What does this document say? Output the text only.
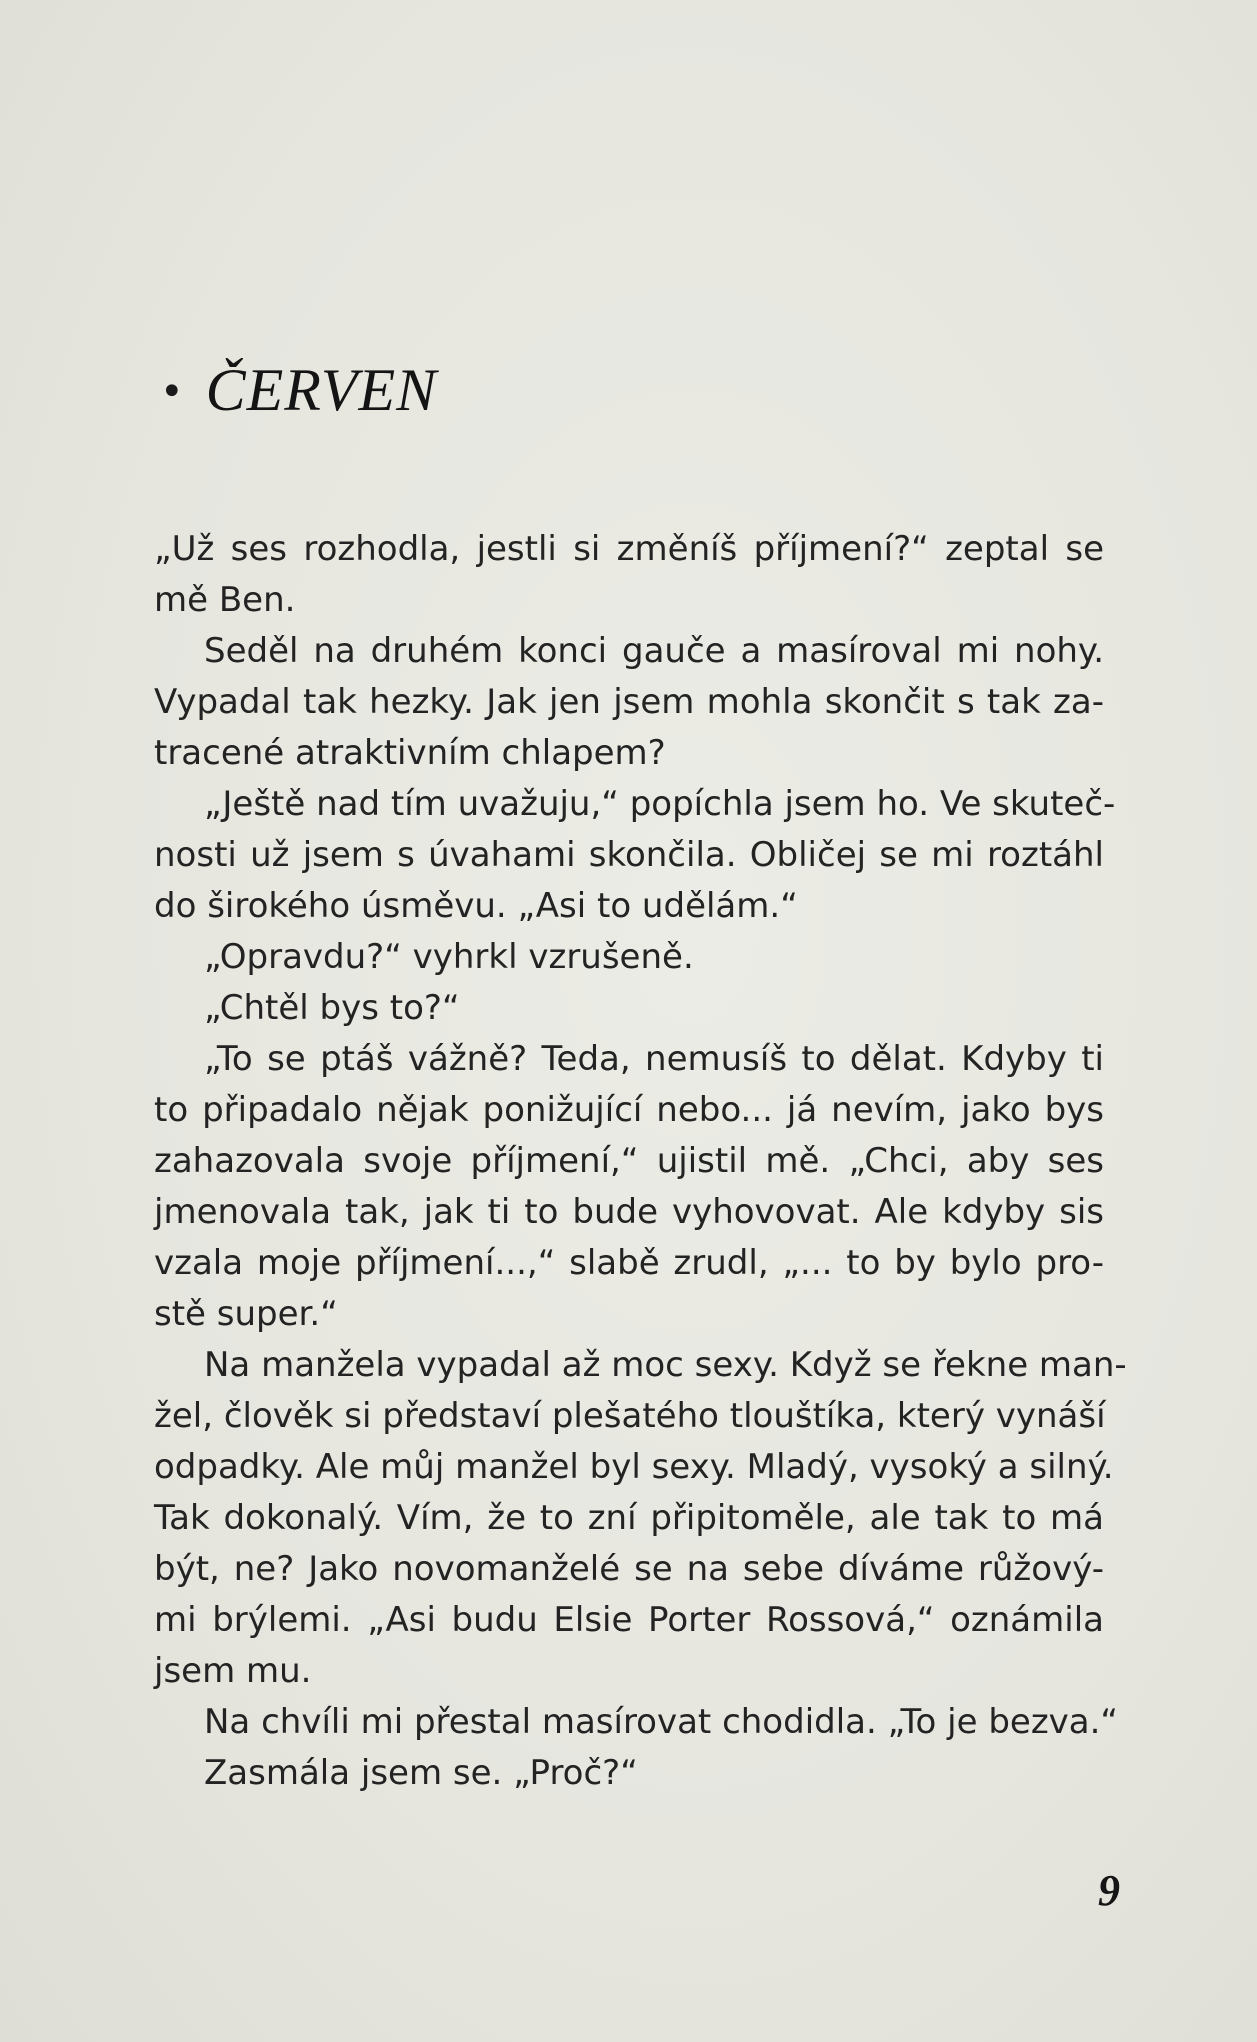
• ČERVEN
„Už ses rozhodla, jestli si změníš příjmení?“ zeptal se
mě Ben.
Seděl na druhém konci gauče a masíroval mi nohy.
Vypadal tak hezky. Jak jen jsem mohla skončit s tak za-
tracené atraktivním chlapem?
„Ještě nad tím uvažuju,“ popíchla jsem ho. Ve skuteč-
nosti už jsem s úvahami skončila. Obličej se mi roztáhl
do širokého úsměvu. „Asi to udělám.“
„Opravdu?“ vyhrkl vzrušeně.
„Chtěl bys to?“
„To se ptáš vážně? Teda, nemusíš to dělat. Kdyby ti
to připadalo nějak ponižující nebo... já nevím, jako bys
zahazovala svoje příjmení,“ ujistil mě. „Chci, aby ses
jmenovala tak, jak ti to bude vyhovovat. Ale kdyby sis
vzala moje příjmení...,“ slabě zrudl, „... to by bylo pro-
stě super.“
Na manžela vypadal až moc sexy. Když se řekne man-
žel, člověk si představí plešatého tlouštíka, který vynáší
odpadky. Ale můj manžel byl sexy. Mladý, vysoký a silný.
Tak dokonalý. Vím, že to zní připitoměle, ale tak to má
být, ne? Jako novomanželé se na sebe díváme růžový-
mi brýlemi. „Asi budu Elsie Porter Rossová,“ oznámila
jsem mu.
Na chvíli mi přestal masírovat chodidla. „To je bezva.“
Zasmála jsem se. „Proč?“
9
